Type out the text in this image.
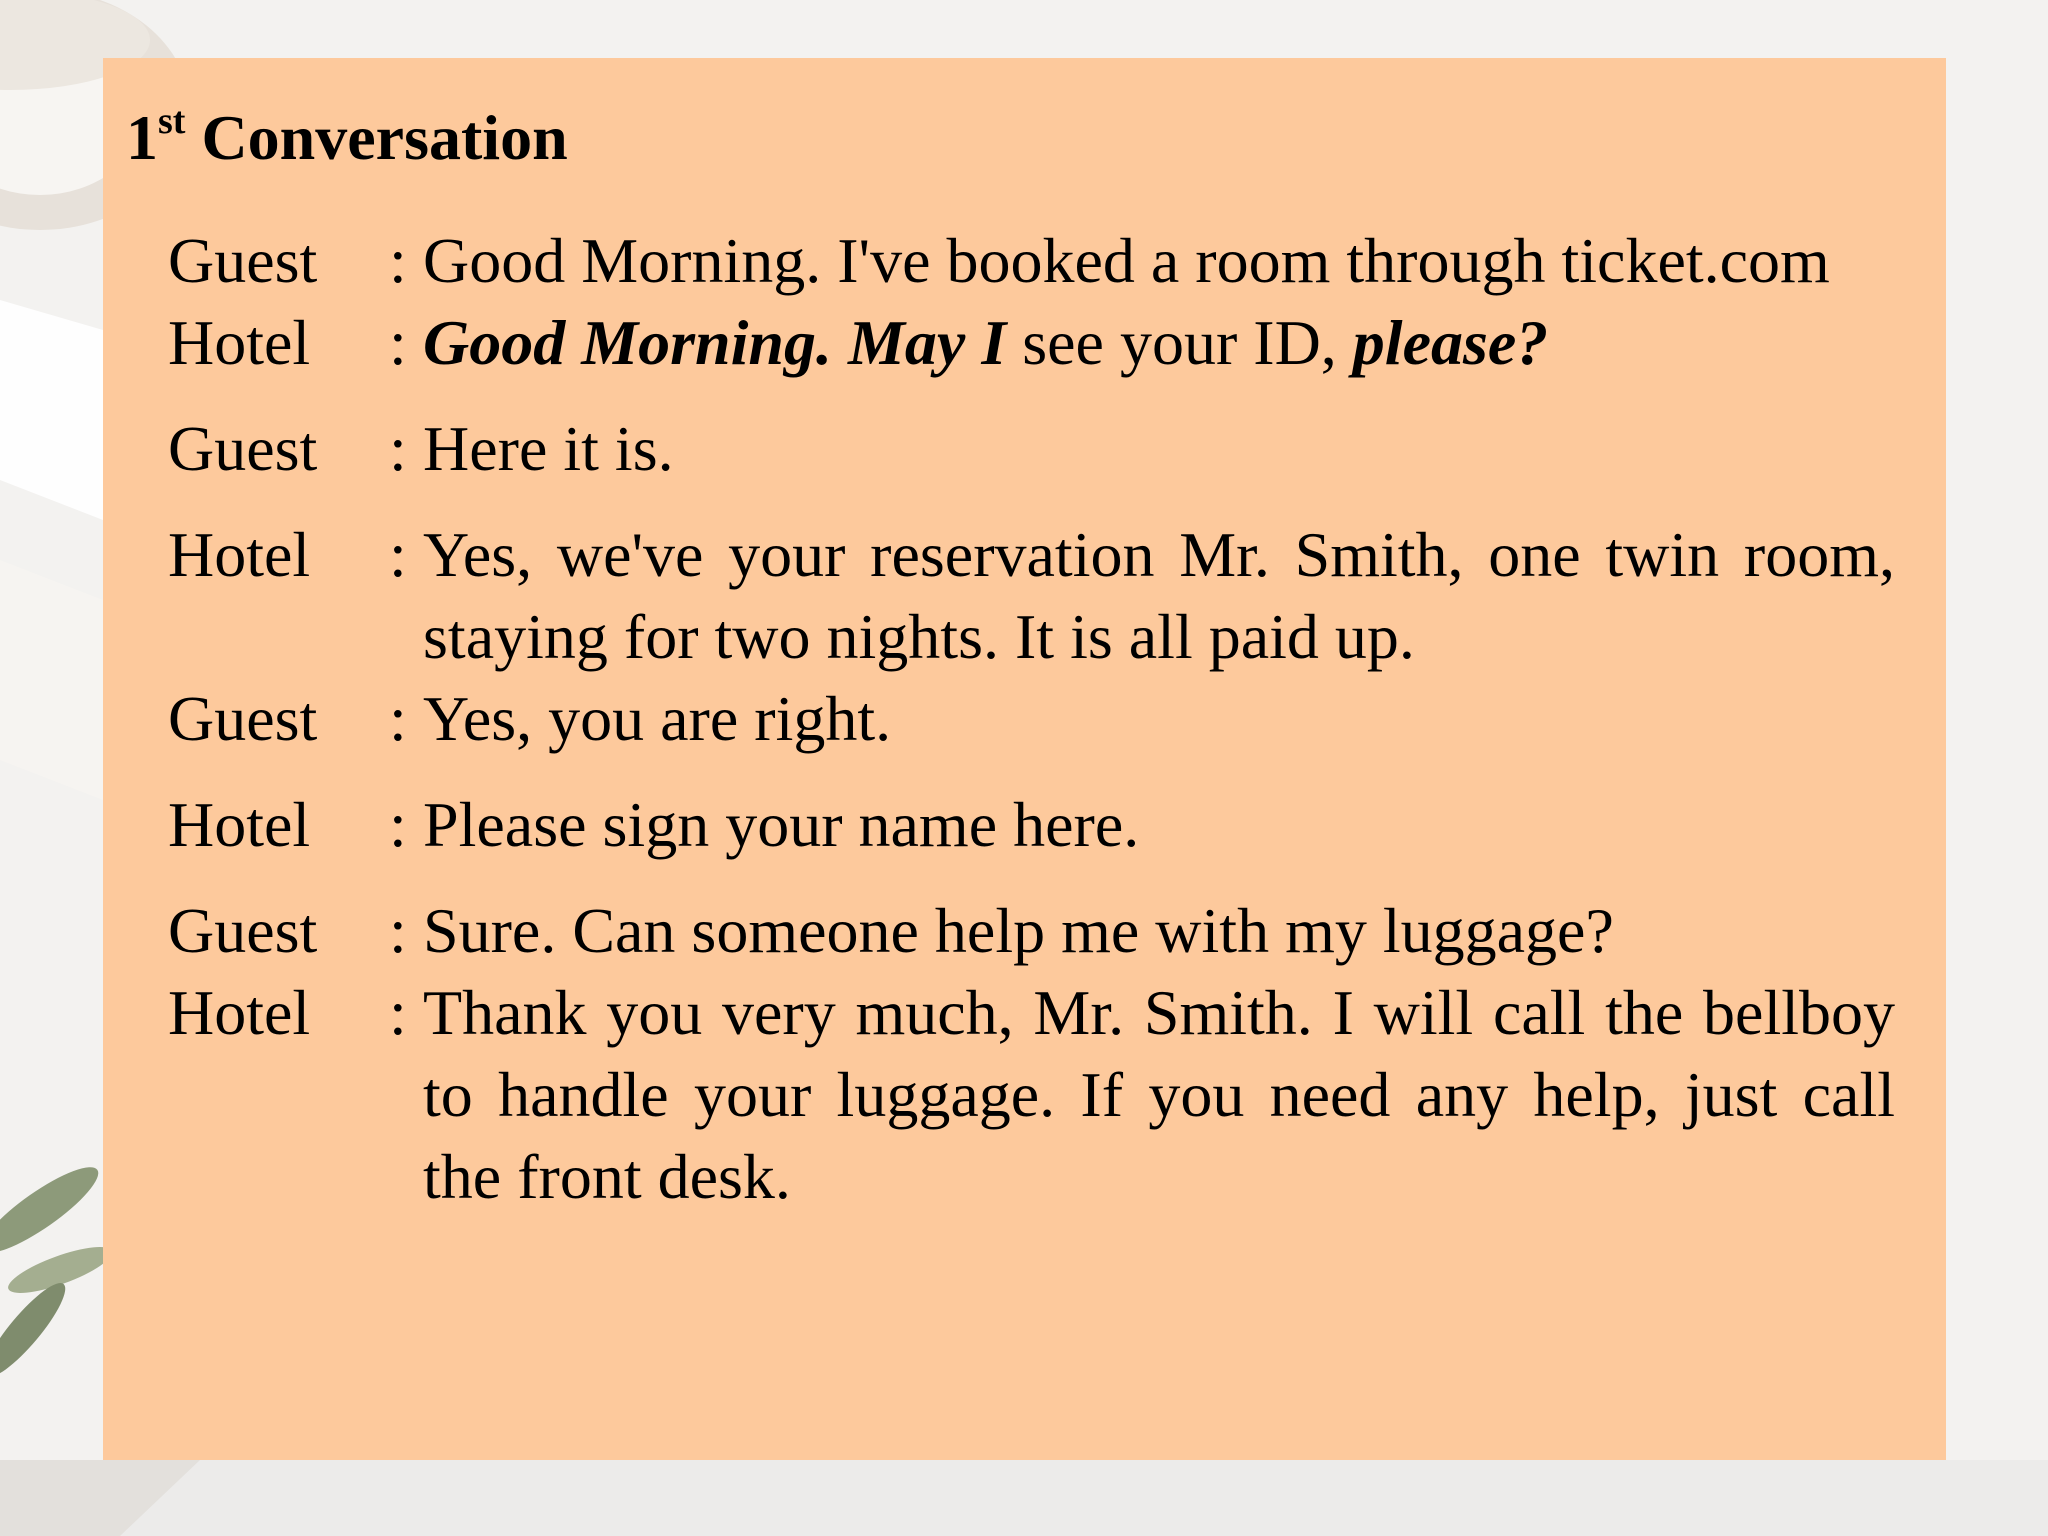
1st Conversation
Guest	: Good Morning. I've booked a room through ticket.com
Hotel	: Good Morning. May I see your ID, please?
Guest	: Here it is.
Hotel	: Yes, we've your reservation Mr. Smith, one twin room, staying for two nights. It is all paid up.
Guest	: Yes, you are right.
Hotel	: Please sign your name here.
Guest	: Sure. Can someone help me with my luggage?
Hotel	: Thank you very much, Mr. Smith. I will call the bellboy to handle your luggage. If you need any help, just call the front desk.
